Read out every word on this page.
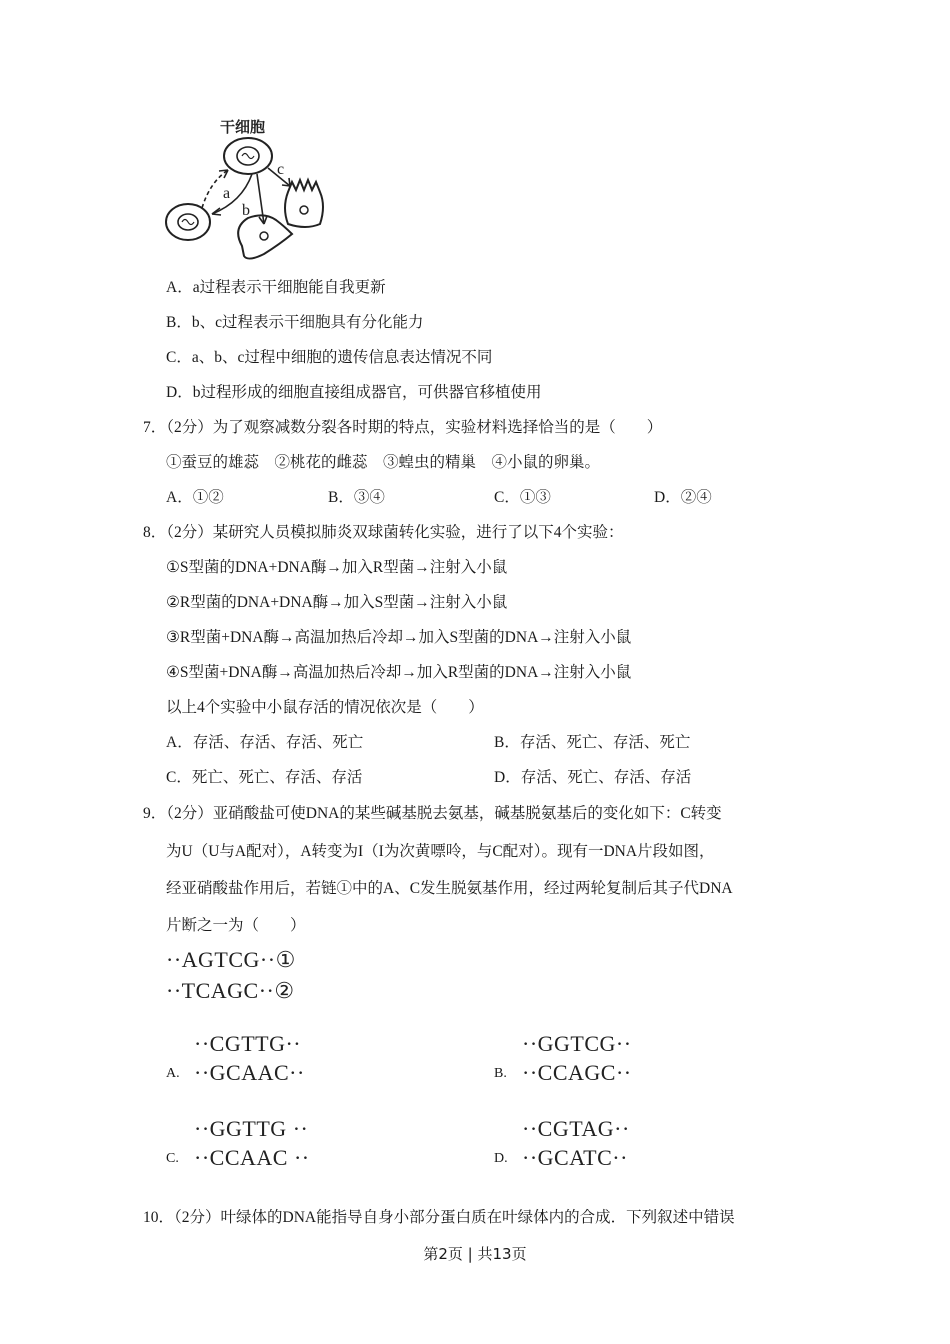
干细胞
a
b
c
A．a过程表示干细胞能自我更新
B．b、c过程表示干细胞具有分化能力
C．a、b、c过程中细胞的遗传信息表达情况不同
D．b过程形成的细胞直接组成器官，可供器官移植使用
7．（2分）为了观察减数分裂各时期的特点，实验材料选择恰当的是（　　）
①蚕豆的雄蕊　②桃花的雌蕊　③蝗虫的精巢　④小鼠的卵巢。
A．①②	B．③④	C．①③	D．②④
8．（2分）某研究人员模拟肺炎双球菌转化实验，进行了以下4个实验：
①S型菌的DNA+DNA酶→加入R型菌→注射入小鼠
②R型菌的DNA+DNA酶→加入S型菌→注射入小鼠
③R型菌+DNA酶→高温加热后冷却→加入S型菌的DNA→注射入小鼠
④S型菌+DNA酶→高温加热后冷却→加入R型菌的DNA→注射入小鼠
以上4个实验中小鼠存活的情况依次是（　　）
A．存活、存活、存活、死亡	B．存活、死亡、存活、死亡
C．死亡、死亡、存活、存活	D．存活、死亡、存活、存活
9．（2分）亚硝酸盐可使DNA的某些碱基脱去氨基，碱基脱氨基后的变化如下：C转变
为U（U与A配对），A转变为I（I为次黄嘌呤，与C配对）。现有一DNA片段如图，
经亚硝酸盐作用后，若链①中的A、C发生脱氨基作用，经过两轮复制后其子代DNA
片断之一为（　　）
··AGTCG··①
··TCAGC··②
··CGTTG··
A. ··GCAAC··
··GGTCG··
B. ··CCAGC··
··GGTTG ··
C. ··CCAAC ··
··CGTAG··
D. ··GCATC··
10．（2分）叶绿体的DNA能指导自身小部分蛋白质在叶绿体内的合成．下列叙述中错误
第2页 | 共13页
